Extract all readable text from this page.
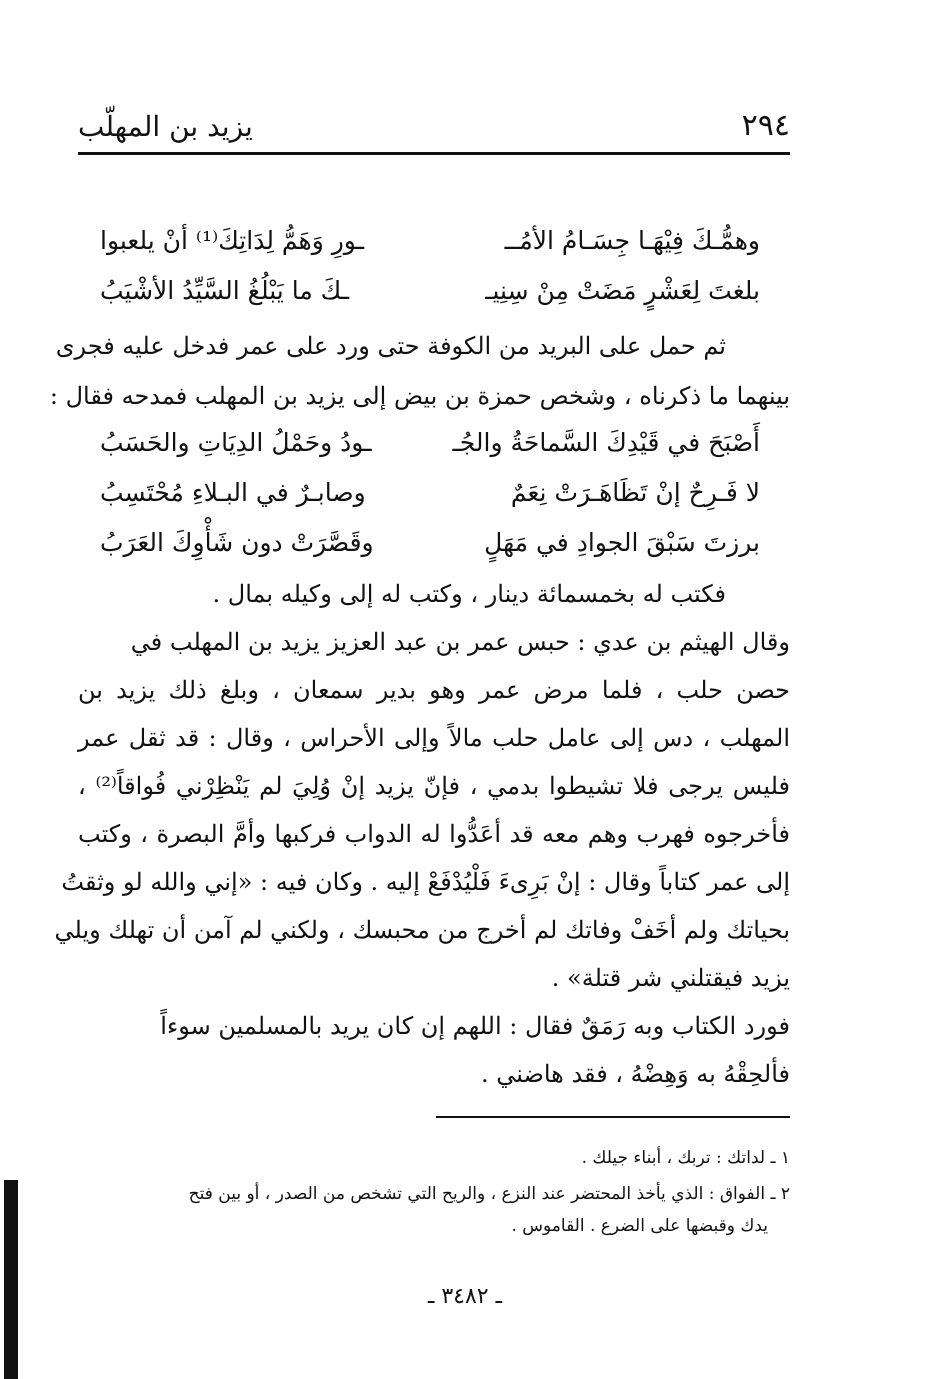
٢٩٤
يزيد بن المهلّب
وهمُّـكَ فِيْهَـا جِسَـامُ الأمُــ
ـورِ وَهَمُّ لِدَاتِكَ⁽¹⁾ أنْ يلعبوا
بلغتَ لِعَشْرٍ مَضَتْ مِنْ سِنِيـ
ـكَ ما يَبْلُغُ السَّيِّدُ الأشْيَبُ
ثم حمل على البريد من الكوفة حتى ورد على عمر فدخل عليه فجرى
بينهما ما ذكرناه ، وشخص حمزة بن بيض إلى يزيد بن المهلب فمدحه فقال :
أَصْبَحَ في قَيْدِكَ السَّماحَةُ والجُـ
ـودُ وحَمْلُ الدِيَاتِ والحَسَبُ
لا فَـرِحٌ إنْ تَظَاهَـرَتْ نِعَمٌ
وصابـرٌ في البـلاءِ مُحْتَسِبُ
برزتَ سَبْقَ الجوادِ في مَهَلٍ
وقَصَّرَتْ دون شَأْوِكَ العَرَبُ
فكتب له بخمسمائة دينار ، وكتب له إلى وكيله بمال .
وقال الهيثم بن عدي : حبس عمر بن عبد العزيز يزيد بن المهلب في
حصن حلب ، فلما مرض عمر وهو بدير سمعان ، وبلغ ذلك يزيد بن
المهلب ، دس إلى عامل حلب مالاً وإلى الأحراس ، وقال : قد ثقل عمر
فليس يرجى فلا تشيطوا بدمي ، فإنّ يزيد إنْ وُلِيَ لم يَنْظِرْني فُواقاً⁽²⁾ ،
فأخرجوه فهرب وهم معه قد أعَدُّوا له الدواب فركبها وأمَّ البصرة ، وكتب
إلى عمر كتاباً وقال : إنْ بَرِىءَ فَلْيُدْفَعْ إليه . وكان فيه : «إني والله لو وثقتُ
بحياتك ولم أخَفْ وفاتك لم أخرج من محبسك ، ولكني لم آمن أن تهلك ويلي
يزيد فيقتلني شر قتلة» .
فورد الكتاب وبه رَمَقٌ فقال : اللهم إن كان يريد بالمسلمين سوءاً
فألحِقْهُ به وَهِضْهُ ، فقد هاضني .
١ ـ لداتك : تربك ، أبناء جيلك .
٢ ـ الفواق : الذي يأخذ المحتضر عند النزع ، والريح التي تشخص من الصدر ، أو بين فتح
يدك وقبضها على الضرع . القاموس .
ـ ٣٤٨٢ ـ
